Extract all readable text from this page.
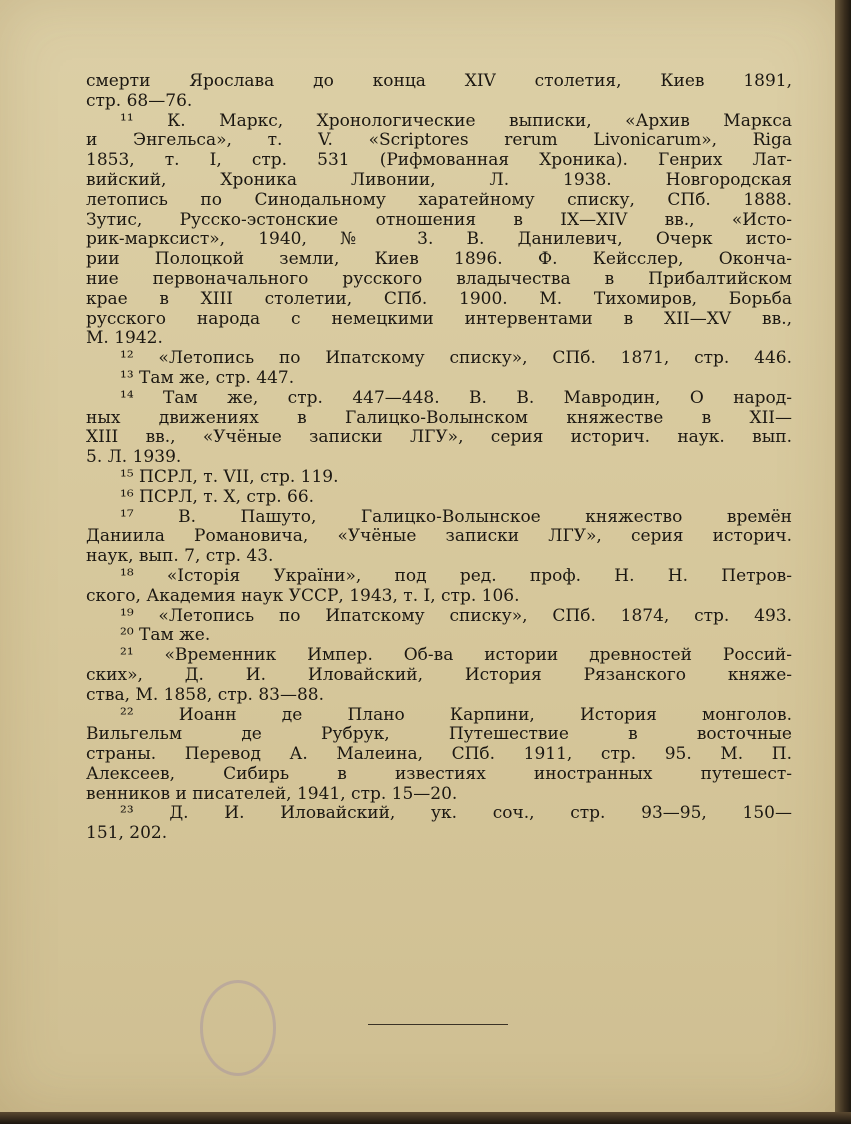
смерти Ярослава до конца XIV столетия, Киев 1891,
стр. 68—76.
¹¹ К. Маркс, Хронологические выписки, «Архив Маркса
и Энгельса», т. V. «Scriptores rerum Livonicarum», Riga
1853, т. I, стр. 531 (Рифмованная Хроника). Генрих Лат-
вийский, Хроника Ливонии, Л. 1938. Новгородская
летопись по Синодальному харатейному списку, СПб. 1888.
Зутис, Русско-эстонские отношения в IX—XIV вв., «Исто-
рик-марксист», 1940, № 3. В. Данилевич, Очерк исто-
рии Полоцкой земли, Киев 1896. Ф. Кейсслер, Оконча-
ние первоначального русского владычества в Прибалтийском
крае в XIII столетии, СПб. 1900. М. Тихомиров, Борьба
русского народа с немецкими интервентами в XII—XV вв.,
М. 1942.
¹² «Летопись по Ипатскому списку», СПб. 1871, стр. 446.
¹³ Там же, стр. 447.
¹⁴ Там же, стр. 447—448. В. В. Мавродин, О народ-
ных движениях в Галицко-Волынском княжестве в XII—
XIII вв., «Учёные записки ЛГУ», серия историч. наук. вып.
5. Л. 1939.
¹⁵ ПСРЛ, т. VII, стр. 119.
¹⁶ ПСРЛ, т. X, стр. 66.
¹⁷ В. Пашуто, Галицко-Волынское княжество времён
Даниила Романовича, «Учёные записки ЛГУ», серия историч.
наук, вып. 7, стр. 43.
¹⁸ «Історія України», под ред. проф. Н. Н. Петров-
ского, Академия наук УССР, 1943, т. I, стр. 106.
¹⁹ «Летопись по Ипатскому списку», СПб. 1874, стр. 493.
²⁰ Там же.
²¹ «Временник Импер. Об-ва истории древностей Россий-
ских», Д. И. Иловайский, История Рязанского княже-
ства, М. 1858, стр. 83—88.
²² Иоанн де Плано Карпини, История монголов.
Вильгельм де Рубрук, Путешествие в восточные
страны. Перевод А. Малеина, СПб. 1911, стр. 95. М. П.
Алексеев, Сибирь в известиях иностранных путешест-
венников и писателей, 1941, стр. 15—20.
²³ Д. И. Иловайский, ук. соч., стр. 93—95, 150—
151, 202.
